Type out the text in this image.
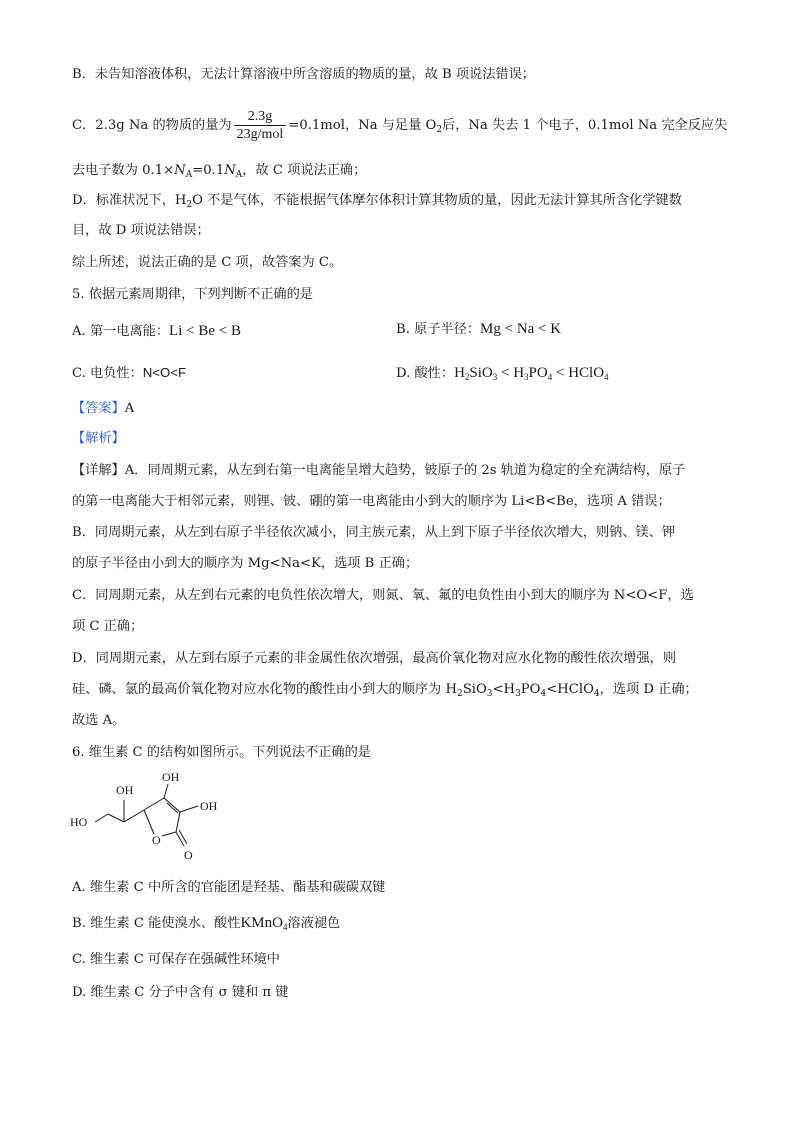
B．未告知溶液体积，无法计算溶液中所含溶质的物质的量，故 B 项说法错误；
C．2.3g Na 的物质的量为 $\frac{2.3g}{\text{23g/mol}} =0.1mol$，Na 与足量 $O_2$后，Na 失去 1 个电子，0.1mol Na 完全反应失
去电子数为 $0.1\times N_A=0.1N_A$，故 C 项说法正确；
D．标准状况下，$H_2O$ 不是气体，不能根据气体摩尔体积计算其物质的量，因此无法计算其所含化学键数
目，故 D 项说法错误；
综上所述，说法正确的是 C 项，故答案为 C。
5. 依据元素周期律，下列判断不正确的是
A. 第一电离能：Li < Be < B	B. 原子半径：Mg < Na < K
C. 电负性：N<O<F	D. 酸性：$H_2SiO_3 < H_3PO_4$ < HClO$_4$
【答案】A
【解析】
【详解】A．同周期元素，从左到右第一电离能呈增大趋势，铍原子的 2s 轨道为稳定的全充满结构，原子
的第一电离能大于相邻元素，则锂、铍、硼的第一电离能由小到大的顺序为 Li<B<Be，选项 A 错误；
B．同周期元素，从左到右原子半径依次减小，同主族元素，从上到下原子半径依次增大，则钠、镁、钾
的原子半径由小到大的顺序为 Mg<Na<K，选项 B 正确；
C．同周期元素，从左到右元素的电负性依次增大，则氮、氧、氟的电负性由小到大的顺序为 N<O<F，选
项 C 正确；
D．同周期元素，从左到右原子元素的非金属性依次增强，最高价氧化物对应水化物的酸性依次增强，则
硅、磷、氯的最高价氧化物对应水化物的酸性由小到大的顺序为 $H_2SiO_3<H_3PO_4<HClO_4$，选项 D 正确；
故选 A。
6. 维生素 C 的结构如图所示。下列说法不正确的是
OH
OH
OH
HO
O
O
A. 维生素 C 中所含的官能团是羟基、酯基和碳碳双键
B. 维生素 C 能使溴水、酸性KMnO$_4$溶液褪色
C. 维生素 C 可保存在强碱性环境中
D. 维生素 C 分子中含有 σ 键和 π 键
